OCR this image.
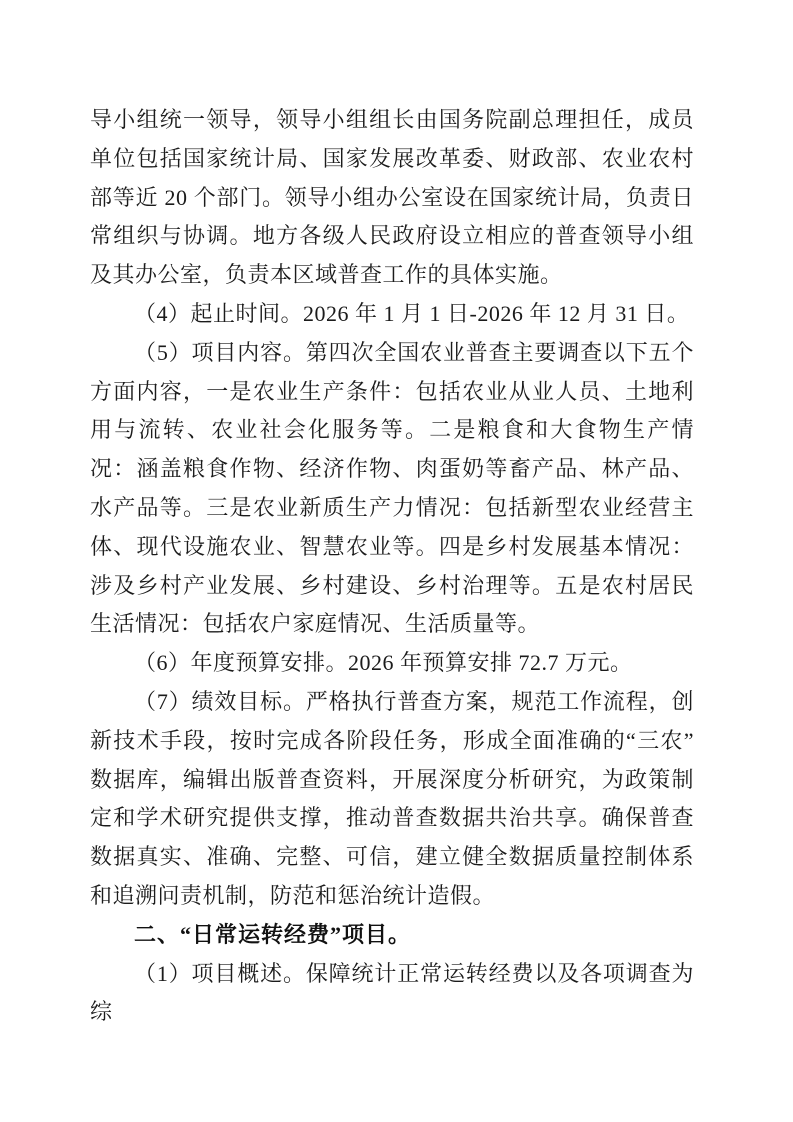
导小组统一领导，领导小组组长由国务院副总理担任，成员单位包括国家统计局、国家发展改革委、财政部、农业农村部等近 20 个部门。领导小组办公室设在国家统计局，负责日常组织与协调。地方各级人民政府设立相应的普查领导小组及其办公室，负责本区域普查工作的具体实施。

（4）起止时间。2026 年 1 月 1 日-2026 年 12 月 31 日。

（5）项目内容。第四次全国农业普查主要调查以下五个方面内容，一是农业生产条件：包括农业从业人员、土地利用与流转、农业社会化服务等。二是粮食和大食物生产情况：涵盖粮食作物、经济作物、肉蛋奶等畜产品、林产品、水产品等。三是农业新质生产力情况：包括新型农业经营主体、现代设施农业、智慧农业等。四是乡村发展基本情况：涉及乡村产业发展、乡村建设、乡村治理等。五是农村居民生活情况：包括农户家庭情况、生活质量等。

（6）年度预算安排。2026 年预算安排 72.7 万元。

（7）绩效目标。严格执行普查方案，规范工作流程，创新技术手段，按时完成各阶段任务，形成全面准确的“三农”数据库，编辑出版普查资料，开展深度分析研究，为政策制定和学术研究提供支撑，推动普查数据共治共享。确保普查数据真实、准确、完整、可信，建立健全数据质量控制体系和追溯问责机制，防范和惩治统计造假。

二、“日常运转经费”项目。

（1）项目概述。保障统计正常运转经费以及各项调查为综
